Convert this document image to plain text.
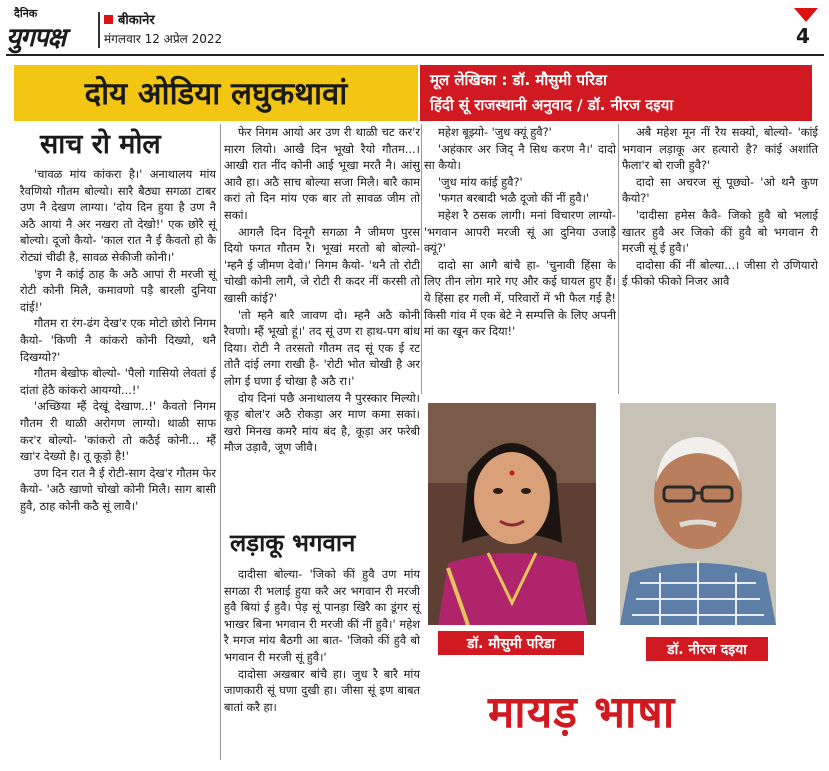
दैनिक
युगपक्ष
बीकानेर
मंगलवार 12 अप्रेल 2022	4
दोय ओडिया लघुकथावां	मूल लेखिका : डॉ. मौसुमी परिडा
हिंदी सूं राजस्थानी अनुवाद / डॉ. नीरज दइया
साच रो मोल

'चावळ मांय कांकरा है।' अनाथालय मांय रैवणियो गौतम बोल्यो। सारै बैठ्या सगळा टाबर उण नै देखण लाग्या। 'दोय दिन हुया है उण नै अठै आयां नै अर नखरा तो देखो!' एक छोरै सूं बोल्यो। दूजो कैयो- 'काल रात नै ई कैवतो हो कै रोट्यां चीढी है, सावळ सेकीजी कोनी।'

'इण नै कांई ठाह कै अठै आपां री मरजी सूं रोटी कोनी मिलै, कमावणो पड़ै बारली दुनिया दांई!'

गौतम रा रंग-ढंग देख'र एक मोटो छोरो निगम कैयो- 'किणी नै कांकरो कोनी दिख्यो, थनै दिखग्यो?'

गौतम बेखोफ बोल्यो- 'पैलो गासियो लेवतां ई दांतां हेठै कांकरो आयग्यो...!'

'अच्छिया म्हैं देखूं देखाण..!' कैवतो निगम गौतम री थाळी अरोगण लाग्यो। थाळी साफ कर'र बोल्यो- 'कांकरो तो कठैई कोनी... म्हैं खा'र देख्यो है। तू कूड़ो है!'

उण दिन रात नै ई रोटी-साग देख'र गौतम फेर कैयो- 'अठै खाणो चोखो कोनी मिलै। साग बासी हुवै, ठाह कोनी कठै सूं लावै।'

फेर निगम आयो अर उण री थाळी चट कर'र मारग लियो। आखै दिन भूखो रैयो गौतम...। आखी रात नींद कोनी आई भूखा मरतै नै। आंसु आवै हा। अठै साच बोल्या सजा मिलै। बारै काम करां तो दिन मांय एक बार तो सावळ जीम तो सकां।

आगलै दिन दिनूगै सगळा नै जीमण पुरस दियो फगत गौतम रै। भूखां मरतो बो बोल्यो- 'म्हनै ई जीमण देवो।' निगम कैयो- 'थनै तो रोटी चोखी कोनी लागै, जे रोटी री कदर नीं करसी तो खासी कांई?'

'तो म्हनै बारै जावण दो। म्हनै अठै कोनी रैवणो। म्हैं भूखो हूं।' तद सूं उण रा हाथ-पग बांध दिया। रोटी नै तरसतो गौतम तद सूं एक ई रट तोतै दांई लगा राखी है- 'रोटी भोत चोखी है अर लोग ई घणा ई चोखा है अठै रा।'

दोय दिनां पछै अनाथालय नै पुरस्कार मिल्यो। कूड़ बोल'र अठै रोकड़ा अर माण कमा सकां। खरो मिनख कमरै मांय बंद है, कूड़ा अर फरेबी मौज उड़ावै, जूण जीवै।

लड़ाकू भगवान

दादीसा बोल्या- 'जिको कीं हुवै उण मांय सगळा री भलाई हुया करै अर भगवान री मरजी हुवै बियां ई हुवै। पेड़ सूं पानड़ा खिरै का डूंगर सूं भाखर बिना भगवान री मरजी कीं नीं हुवै।' महेश रै मगज मांय बैठगी आ बात- 'जिको कीं हुवै बो भगवान री मरजी सूं हुवै।'

दादोसा अखबार बांचै हा। जुध रै बारै मांय जाणकारी सूं घणा दुखी हा। जीसा सूं इण बाबत बातां करै हा।

महेश बूझ्यो- 'जुध क्यूं हुवै?'

'अहंकार अर जिद् नै सिध करण नै।' दादो सा कैयो।

'जुध मांय कांई हुवै?'

'फगत बरबादी भळै दूजो कीं नीं हुवै।'

महेश रै ठसक लागी। मनां विचारण लाग्यो- 'भगवान आपरी मरजी सूं आ दुनिया उजाड़ै क्यूं?'

दादो सा आगै बांचै हा- 'चुनावी हिंसा के लिए तीन लोग मारे गए और कई घायल हुए हैं। ये हिंसा हर गली में, परिवारों में भी फैल गई है! किसी गांव में एक बेटे ने सम्पत्ति के लिए अपनी मां का खून कर दिया!'

अबै महेश मून नीं रैय सक्यो, बोल्यो- 'कांई भगवान लड़ाकू अर हत्यारो है? कांई अशांति फैला'र बो राजी हुवै?'

दादो सा अचरज सूं पूछ्यो- 'ओ थनै कुण कैयो?'

'दादीसा हमेस कैवै- जिको हुवै बो भलाई खातर हुवै अर जिको कीं हुवै बो भगवान री मरजी सूं ई हुवै।'

दादोसा कीं नीं बोल्या...। जीसा रो उणियारो ई फीको फीको निजर आवै

डॉ. मौसुमी परिडा	डॉ. नीरज दइया
मायड़ भाषा
